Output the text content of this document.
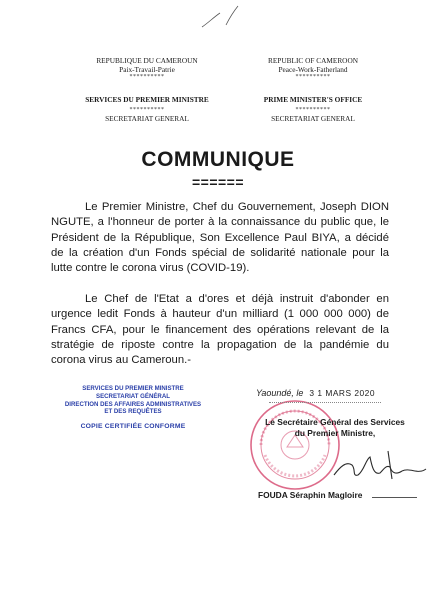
REPUBLIQUE DU CAMEROUN
Paix-Travail-Patrie
**********
SERVICES DU PREMIER MINISTRE
**********
SECRETARIAT GENERAL
REPUBLIC OF CAMEROON
Peace-Work-Fatherland
**********
PRIME MINISTER'S OFFICE
**********
SECRETARIAT GENERAL
COMMUNIQUE
======
Le Premier Ministre, Chef du Gouvernement, Joseph DION NGUTE, a l'honneur de porter à la connaissance du public que, le Président de la République, Son Excellence Paul BIYA, a décidé de la création d'un Fonds spécial de solidarité nationale pour la lutte contre le corona virus (COVID-19).
Le Chef de l'Etat a d'ores et déjà instruit d'abonder en urgence ledit Fonds à hauteur d'un milliard (1 000 000 000) de Francs CFA, pour le financement des opérations relevant de la stratégie de riposte contre la propagation de la pandémie du corona virus au Cameroun.-
SERVICES DU PREMIER MINISTRE
SECRETARIAT GÉNÉRAL
DIRECTION DES AFFAIRES ADMINISTRATIVES
ET DES REQUÊTES
COPIE CERTIFIÉE CONFORME
Yaoundé, le 3 1 MARS 2020
Le Secrétaire Général des Services
du Premier Ministre,
FOUDA Séraphin Magloire
